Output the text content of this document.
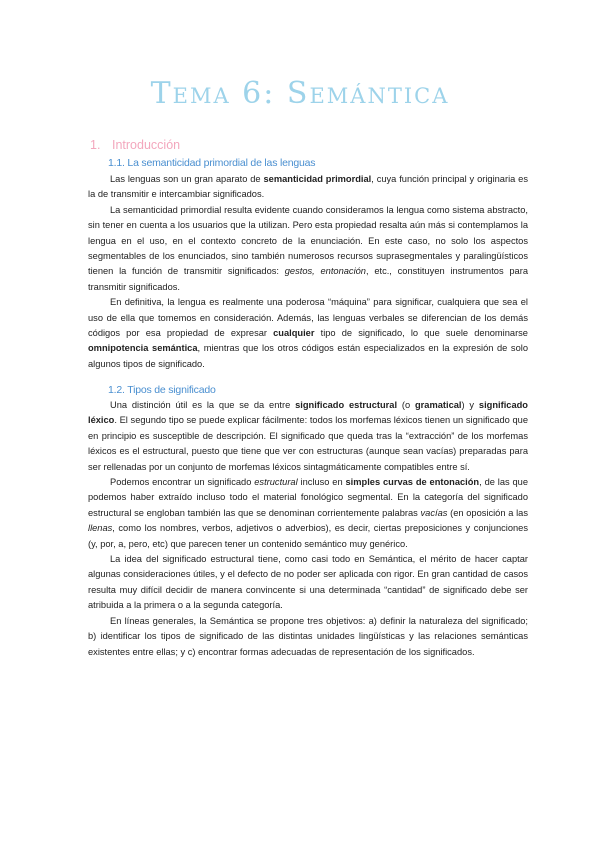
Tema 6: Semántica
1. Introducción
1.1. La semanticidad primordial de las lenguas

Las lenguas son un gran aparato de semanticidad primordial, cuya función principal y originaria es la de transmitir e intercambiar significados.

La semanticidad primordial resulta evidente cuando consideramos la lengua como sistema abstracto, sin tener en cuenta a los usuarios que la utilizan. Pero esta propiedad resalta aún más si contemplamos la lengua en el uso, en el contexto concreto de la enunciación. En este caso, no solo los aspectos segmentables de los enunciados, sino también numerosos recursos suprasegmentales y paralingüísticos tienen la función de transmitir significados: gestos, entonación, etc., constituyen instrumentos para transmitir significados.

En definitiva, la lengua es realmente una poderosa “máquina” para significar, cualquiera que sea el uso de ella que tomemos en consideración. Además, las lenguas verbales se diferencian de los demás códigos por esa propiedad de expresar cualquier tipo de significado, lo que suele denominarse omnipotencia semántica, mientras que los otros códigos están especializados en la expresión de solo algunos tipos de significado.

1.2. Tipos de significado

Una distinción útil es la que se da entre significado estructural (o gramatical) y significado léxico. El segundo tipo se puede explicar fácilmente: todos los morfemas léxicos tienen un significado que en principio es susceptible de descripción. El significado que queda tras la “extracción” de los morfemas léxicos es el estructural, puesto que tiene que ver con estructuras (aunque sean vacías) preparadas para ser rellenadas por un conjunto de morfemas léxicos sintagmáticamente compatibles entre sí.

Podemos encontrar un significado estructural incluso en simples curvas de entonación, de las que podemos haber extraído incluso todo el material fonológico segmental. En la categoría del significado estructural se engloban también las que se denominan corrientemente palabras vacías (en oposición a las llenas, como los nombres, verbos, adjetivos o adverbios), es decir, ciertas preposiciones y conjunciones (y, por, a, pero, etc) que parecen tener un contenido semántico muy genérico.

La idea del significado estructural tiene, como casi todo en Semántica, el mérito de hacer captar algunas consideraciones útiles, y el defecto de no poder ser aplicada con rigor. En gran cantidad de casos resulta muy difícil decidir de manera convincente si una determinada “cantidad” de significado debe ser atribuida a la primera o a la segunda categoría.

En líneas generales, la Semántica se propone tres objetivos: a) definir la naturaleza del significado; b) identificar los tipos de significado de las distintas unidades lingüísticas y las relaciones semánticas existentes entre ellas; y c) encontrar formas adecuadas de representación de los significados.
